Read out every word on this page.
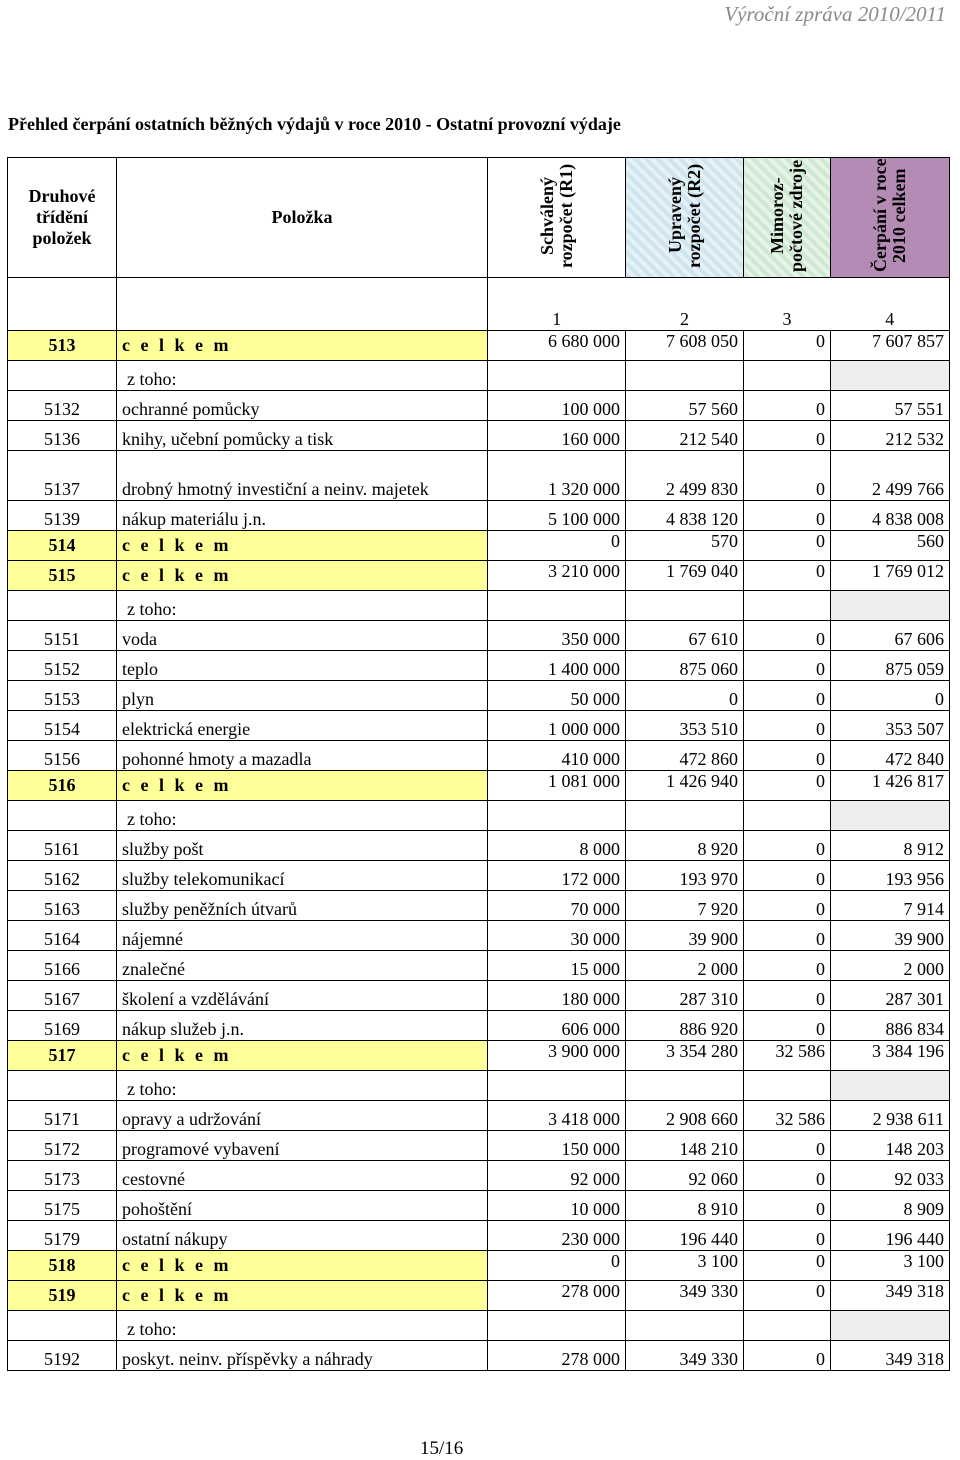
Výroční zpráva 2010/2011
Přehled čerpání ostatních běžných výdajů v roce 2010 - Ostatní provozní výdaje
Druhové třídění položek	Položka	Schválený rozpočet (R1)	Upravený rozpočet (R2)	Mimoroz-počtové zdroje	Čerpání v roce 2010 celkem

		1	2	3	4
513	c e l k e m	6 680 000	7 608 050	0	7 607 857
	z toho:				
5132	ochranné pomůcky	100 000	57 560	0	57 551
5136	knihy, učební pomůcky a tisk	160 000	212 540	0	212 532
5137	drobný hmotný investiční a neinv. majetek	1 320 000	2 499 830	0	2 499 766
5139	nákup materiálu j.n.	5 100 000	4 838 120	0	4 838 008
514	c e l k e m	0	570	0	560
515	c e l k e m	3 210 000	1 769 040	0	1 769 012
	z toho:				
5151	voda	350 000	67 610	0	67 606
5152	teplo	1 400 000	875 060	0	875 059
5153	plyn	50 000	0	0	0
5154	elektrická energie	1 000 000	353 510	0	353 507
5156	pohonné hmoty a mazadla	410 000	472 860	0	472 840
516	c e l k e m	1 081 000	1 426 940	0	1 426 817
	z toho:				
5161	služby pošt	8 000	8 920	0	8 912
5162	služby telekomunikací	172 000	193 970	0	193 956
5163	služby peněžních útvarů	70 000	7 920	0	7 914
5164	nájemné	30 000	39 900	0	39 900
5166	znalečné	15 000	2 000	0	2 000
5167	školení a vzdělávání	180 000	287 310	0	287 301
5169	nákup služeb j.n.	606 000	886 920	0	886 834
517	c e l k e m	3 900 000	3 354 280	32 586	3 384 196
	z toho:				
5171	opravy a udržování	3 418 000	2 908 660	32 586	2 938 611
5172	programové vybavení	150 000	148 210	0	148 203
5173	cestovné	92 000	92 060	0	92 033
5175	pohoštění	10 000	8 910	0	8 909
5179	ostatní nákupy	230 000	196 440	0	196 440
518	c e l k e m	0	3 100	0	3 100
519	c e l k e m	278 000	349 330	0	349 318
	z toho:				
5192	poskyt. neinv. příspěvky a náhrady	278 000	349 330	0	349 318
15/16
